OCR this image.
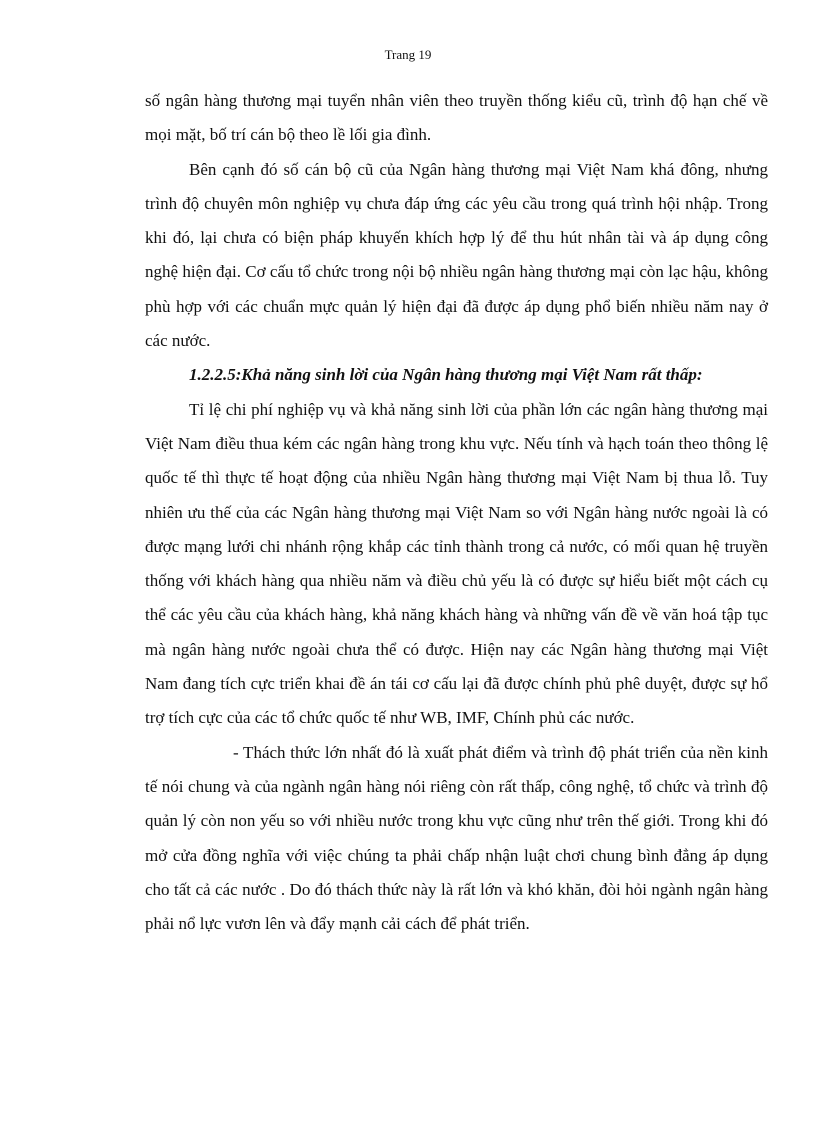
Trang 19

số ngân hàng thương mại tuyển nhân viên theo truyền thống kiểu cũ, trình độ hạn chế về mọi mặt, bố trí cán bộ theo lề lối gia đình.

Bên cạnh đó số cán bộ cũ của Ngân hàng thương mại Việt Nam khá đông, nhưng trình độ chuyên môn nghiệp vụ chưa đáp ứng các yêu cầu trong quá trình hội nhập. Trong khi đó, lại chưa có biện pháp khuyến khích hợp lý để thu hút nhân tài và áp dụng công nghệ hiện đại. Cơ cấu tổ chức trong nội bộ nhiều ngân hàng thương mại còn lạc hậu, không phù hợp với các chuẩn mực quản lý hiện đại đã được áp dụng phổ biến nhiều năm nay ở các nước.

1.2.2.5:Khả năng sinh lời của Ngân hàng thương mại Việt Nam rất thấp:

Tỉ lệ chi phí nghiệp vụ và khả năng sinh lời của phần lớn các ngân hàng thương mại Việt Nam điều thua kém các ngân hàng trong khu vực. Nếu tính và hạch toán theo thông lệ quốc tế thì thực tế hoạt động của nhiều Ngân hàng thương mại Việt Nam bị thua lỗ. Tuy nhiên ưu thế của các Ngân hàng thương mại Việt Nam so với Ngân hàng nước ngoài là có được mạng lưới chi nhánh rộng khắp các tỉnh thành trong cả nước, có mối quan hệ truyền thống với khách hàng qua nhiều năm và điều chủ yếu là có được sự hiểu biết một cách cụ thể các yêu cầu của khách hàng, khả năng khách hàng và những vấn đề về văn hoá tập tục mà ngân hàng nước ngoài chưa thể có được. Hiện nay các Ngân hàng thương mại Việt Nam đang tích cực triển khai đề án tái cơ cấu lại đã được chính phủ phê duyệt, được sự hổ trợ tích cực của các tổ chức quốc tế như WB, IMF, Chính phủ các nước.

- Thách thức lớn nhất đó là xuất phát điểm và trình độ phát triển của nền kinh tế nói chung và của ngành ngân hàng nói riêng còn rất thấp, công nghệ, tổ chức và trình độ quản lý còn non yếu so với nhiều nước trong khu vực cũng như trên thế giới. Trong khi đó mở cửa đồng nghĩa với việc chúng ta phải chấp nhận luật chơi chung bình đẳng áp dụng cho tất cả các nước . Do đó thách thức này là rất lớn và khó khăn, đòi hỏi ngành ngân hàng phải nổ lực vươn lên và đẩy mạnh cải cách để phát triển.
